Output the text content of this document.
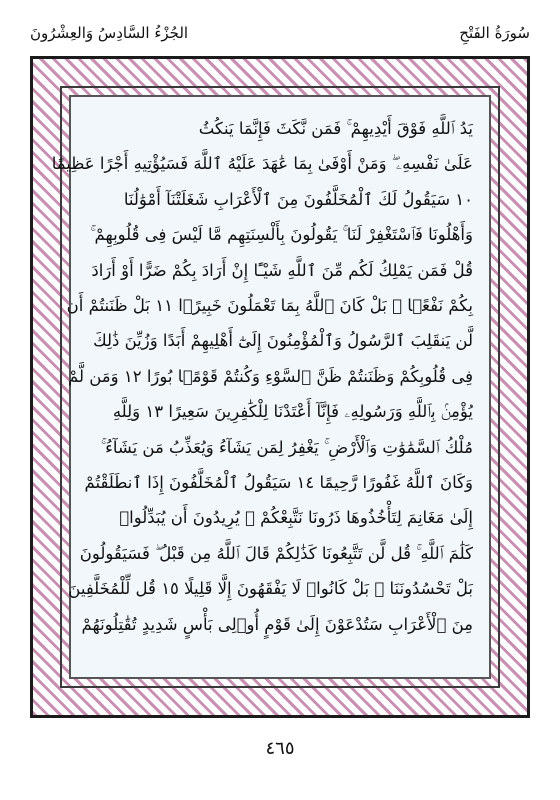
سُورَةُ الفَتْحِ
الجُزْءُ السَّادِسُ وَالعِشْرُونَ
يَدُ ٱللَّهِ فَوْقَ أَيْدِيهِمْ ۚ فَمَن نَّكَثَ فَإِنَّمَا يَنكُثُ
عَلَىٰ نَفْسِهِۦ ۖ وَمَنْ أَوْفَىٰ بِمَا عَٰهَدَ عَلَيْهُ ٱللَّهَ فَسَيُؤْتِيهِ أَجْرًا عَظِيمًا
١٠ سَيَقُولُ لَكَ ٱلْمُخَلَّفُونَ مِنَ ٱلْأَعْرَابِ شَغَلَتْنَآ أَمْوَٰلُنَا
وَأَهْلُونَا فَٱسْتَغْفِرْ لَنَا ۚ يَقُولُونَ بِأَلْسِنَتِهِم مَّا لَيْسَ فِى قُلُوبِهِمْ ۚ
قُلْ فَمَن يَمْلِكُ لَكُم مِّنَ ٱللَّهِ شَيْـًٔا إِنْ أَرَادَ بِكُمْ ضَرًّا أَوْ أَرَادَ
بِكُمْ نَفْعًۢا ۚ بَلْ كَانَ ٱللَّهُ بِمَا تَعْمَلُونَ خَبِيرًۢا ١١ بَلْ ظَنَنتُمْ أَن
لَّن يَنقَلِبَ ٱلرَّسُولُ وَٱلْمُؤْمِنُونَ إِلَىٰٓ أَهْلِيهِمْ أَبَدًا وَزُيِّنَ ذَٰلِكَ
فِى قُلُوبِكُمْ وَظَنَنتُمْ ظَنَّ ٱلسَّوْءِ وَكُنتُمْ قَوْمًۢا بُورًا ١٢ وَمَن لَّمْ
يُؤْمِنۢ بِٱللَّهِ وَرَسُولِهِۦ فَإِنَّآ أَعْتَدْنَا لِلْكَٰفِرِينَ سَعِيرًا ١٣ وَلِلَّهِ
مُلْكُ ٱلسَّمَٰوَٰتِ وَٱلْأَرْضِ ۚ يَغْفِرُ لِمَن يَشَآءُ وَيُعَذِّبُ مَن يَشَآءُ ۚ
وَكَانَ ٱللَّهُ غَفُورًا رَّحِيمًا ١٤ سَيَقُولُ ٱلْمُخَلَّفُونَ إِذَا ٱنطَلَقْتُمْ
إِلَىٰ مَغَانِمَ لِتَأْخُذُوهَا ذَرُونَا نَتَّبِعْكُمْ ۖ يُرِيدُونَ أَن يُبَدِّلُوا۟
كَلَٰمَ ٱللَّهِ ۚ قُل لَّن تَتَّبِعُونَا كَذَٰلِكُمْ قَالَ ٱللَّهُ مِن قَبْلُ ۖ فَسَيَقُولُونَ
بَلْ تَحْسُدُونَنَا ۚ بَلْ كَانُوا۟ لَا يَفْقَهُونَ إِلَّا قَلِيلًا ١٥ قُل لِّلْمُخَلَّفِينَ
مِنَ ٱلْأَعْرَابِ سَتُدْعَوْنَ إِلَىٰ قَوْمٍ أُو۟لِى بَأْسٍ شَدِيدٍ تُقَٰتِلُونَهُمْ
٤٦٥
